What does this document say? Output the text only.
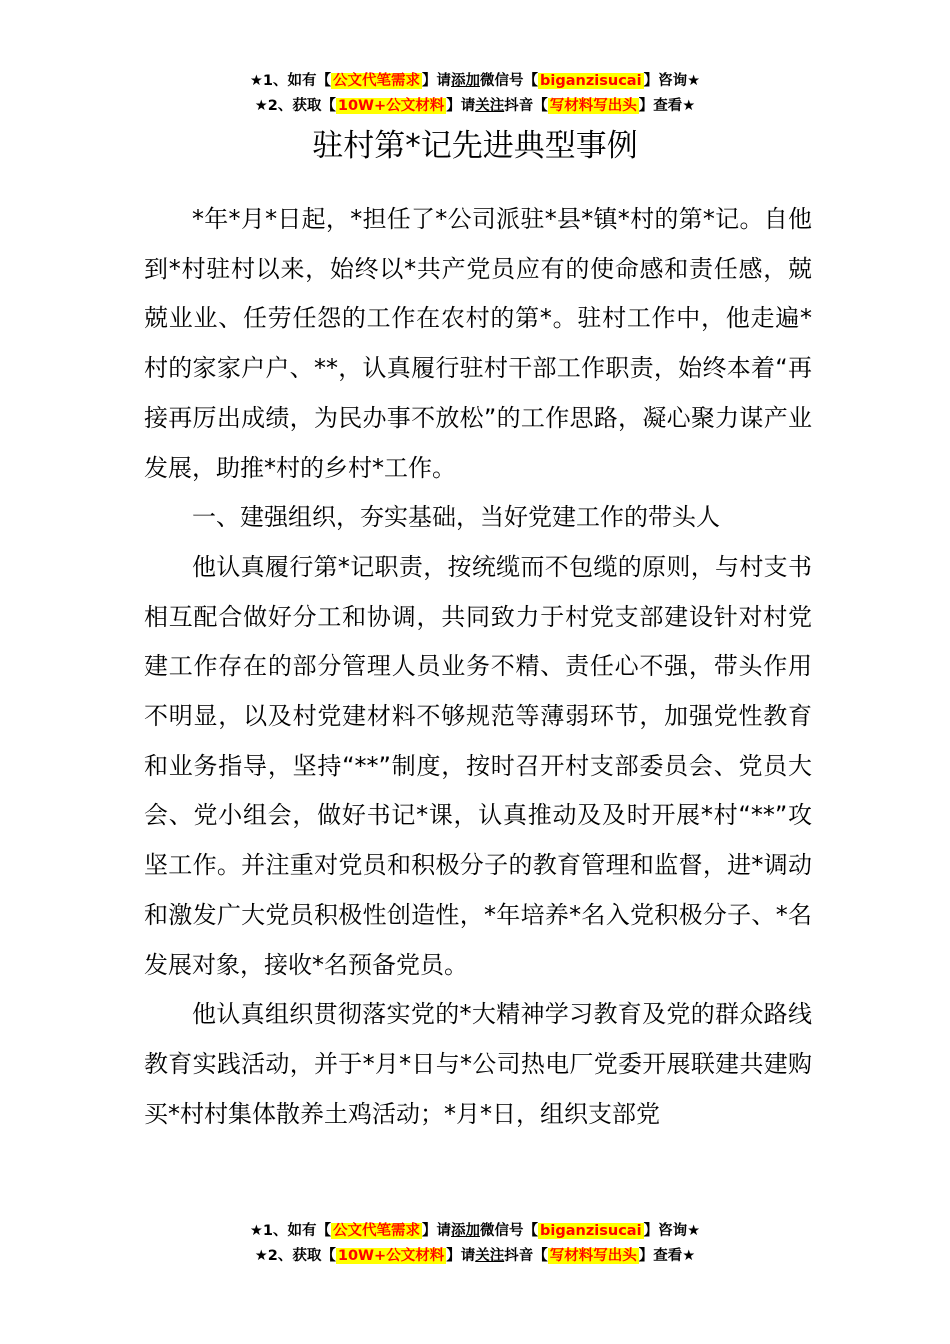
★1、如有【 公文代笔需求 】请添加微信号【 biganzisucai 】咨询★
★2、获取【 10W+公文材料 】请关注抖音【 写材料写出头 】查看★
驻村第*记先进典型事例

*年*月*日起，*担任了*公司派驻*县*镇*村的第*记。自他到*村驻村以来，始终以*共产党员应有的使命感和责任感，兢兢业业、任劳任怨的工作在农村的第*。驻村工作中，他走遍*村的家家户户、**，认真履行驻村干部工作职责，始终本着“再接再厉出成绩，为民办事不放松”的工作思路，凝心聚力谋产业发展，助推*村的乡村*工作。

一、建强组织，夯实基础，当好党建工作的带头人

他认真履行第*记职责，按统缆而不包缆的原则，与村支书相互配合做好分工和协调，共同致力于村党支部建设针对村党建工作存在的部分管理人员业务不精、责任心不强，带头作用不明显，以及村党建材料不够规范等薄弱环节，加强党性教育和业务指导，坚持“**”制度，按时召开村支部委员会、党员大会、党小组会，做好书记*课，认真推动及及时开展*村“**”攻坚工作。并注重对党员和积极分子的教育管理和监督，进*调动和激发广大党员积极性创造性，*年培养*名入党积极分子、*名发展对象，接收*名预备党员。

他认真组织贯彻落实党的*大精神学习教育及党的群众路线教育实践活动，并于*月*日与*公司热电厂党委开展联建共建购买*村村集体散养土鸡活动；*月*日，组织支部党

★1、如有【 公文代笔需求 】请添加微信号【 biganzisucai 】咨询★
★2、获取【 10W+公文材料 】请关注抖音【 写材料写出头 】查看★
